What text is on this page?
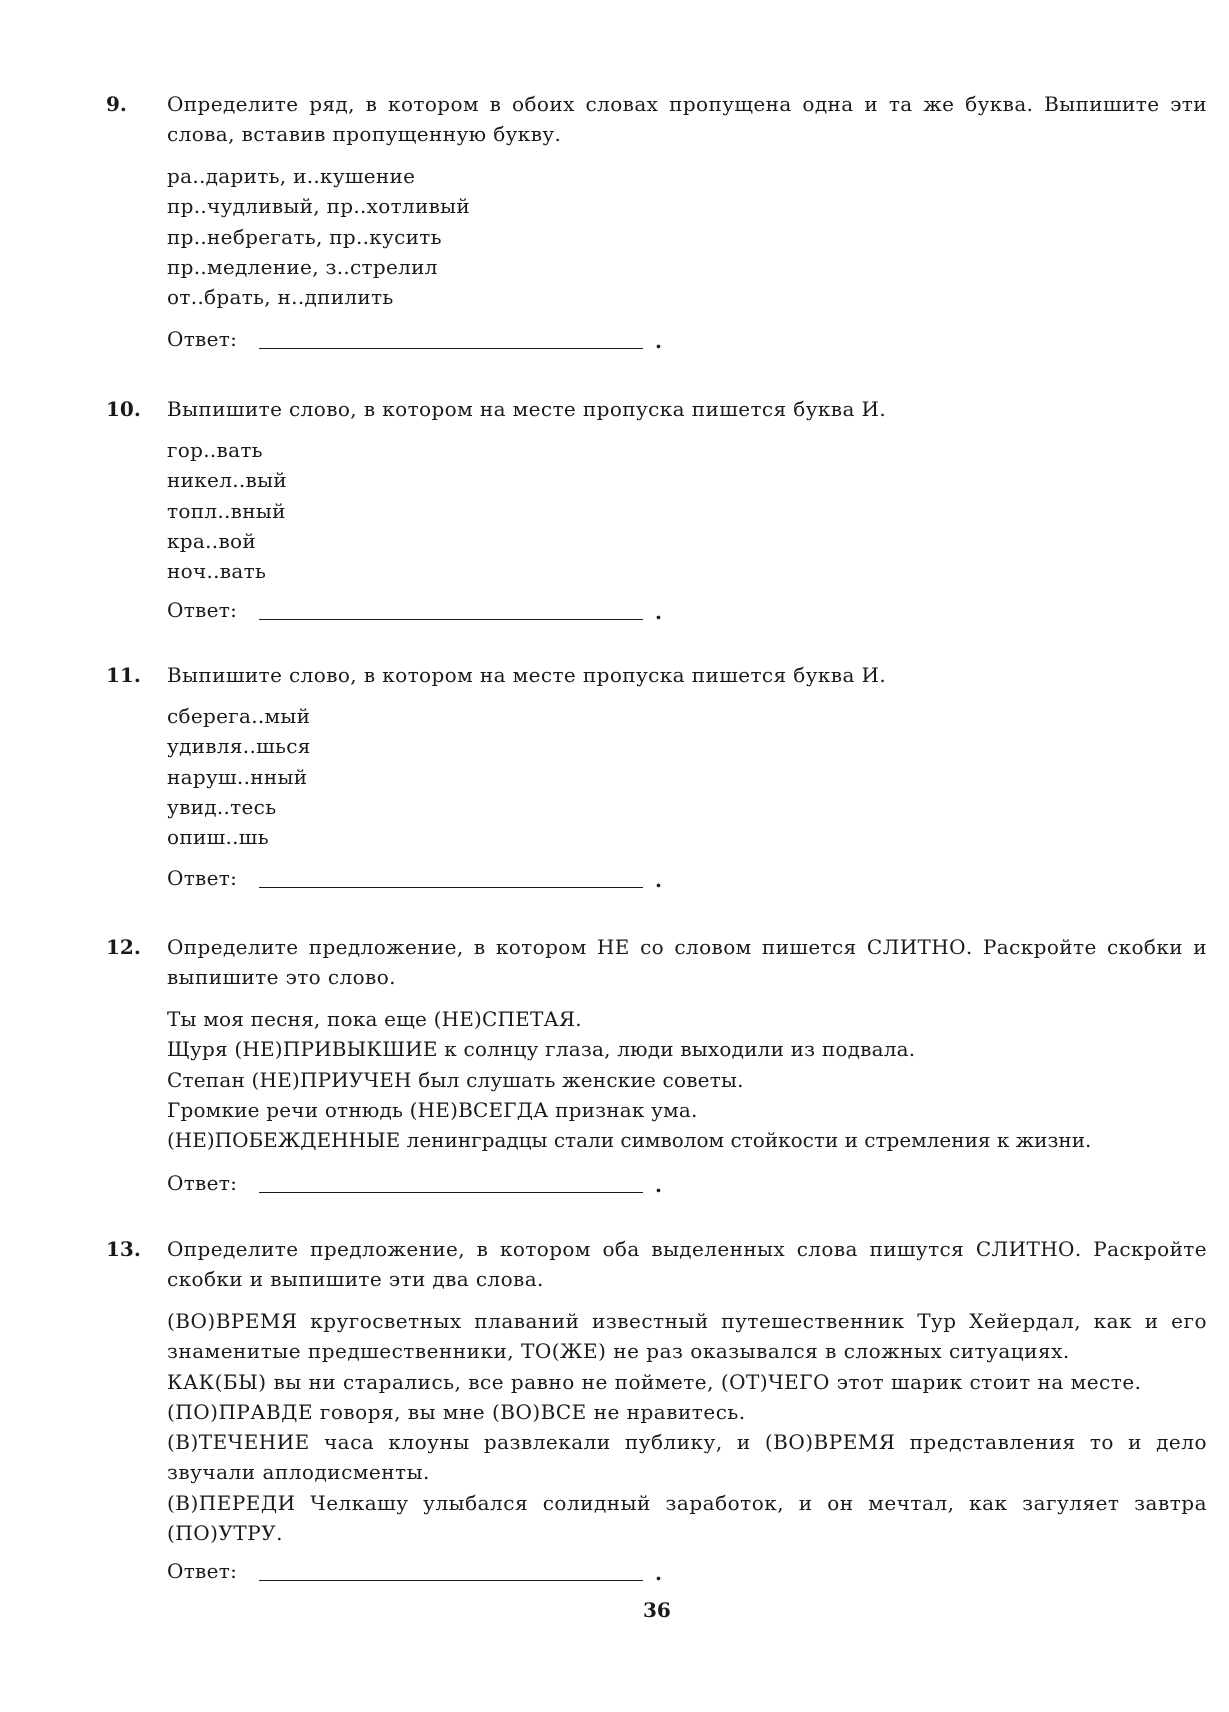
9. Определите ряд, в котором в обоих словах пропущена одна и та же буква. Выпишите эти слова, вставив пропущенную букву.
ра..дарить, и..кушение
пр..чудливый, пр..хотливый
пр..небрегать, пр..кусить
пр..медление, з..стрелил
от..брать, н..дпилить
Ответ:	.
10. Выпишите слово, в котором на месте пропуска пишется буква И.
гор..вать
никел..вый
топл..вный
кра..вой
ноч..вать
Ответ:	.
11. Выпишите слово, в котором на месте пропуска пишется буква И.
сберега..мый
удивля..шься
наруш..нный
увид..тесь
опиш..шь
Ответ:	.
12. Определите предложение, в котором НЕ со словом пишется СЛИТНО. Раскройте скобки и выпишите это слово.
Ты моя песня, пока еще (НЕ)СПЕТАЯ.
Щуря (НЕ)ПРИВЫКШИЕ к солнцу глаза, люди выходили из подвала.
Степан (НЕ)ПРИУЧЕН был слушать женские советы.
Громкие речи отнюдь (НЕ)ВСЕГДА признак ума.
(НЕ)ПОБЕЖДЕННЫЕ ленинградцы стали символом стойкости и стремления к жизни.
Ответ:	.
13. Определите предложение, в котором оба выделенных слова пишутся СЛИТНО. Раскройте скобки и выпишите эти два слова.
(ВО)ВРЕМЯ кругосветных плаваний известный путешественник Тур Хейердал, как и его знаменитые предшественники, ТО(ЖЕ) не раз оказывался в сложных ситуациях.
КАК(БЫ) вы ни старались, все равно не поймете, (ОТ)ЧЕГО этот шарик стоит на месте.
(ПО)ПРАВДЕ говоря, вы мне (ВО)ВСЕ не нравитесь.
(В)ТЕЧЕНИЕ часа клоуны развлекали публику, и (ВО)ВРЕМЯ представления то и дело звучали аплодисменты.
(В)ПЕРЕДИ Челкашу улыбался солидный заработок, и он мечтал, как загуляет завтра (ПО)УТРУ.
Ответ:	.
36
